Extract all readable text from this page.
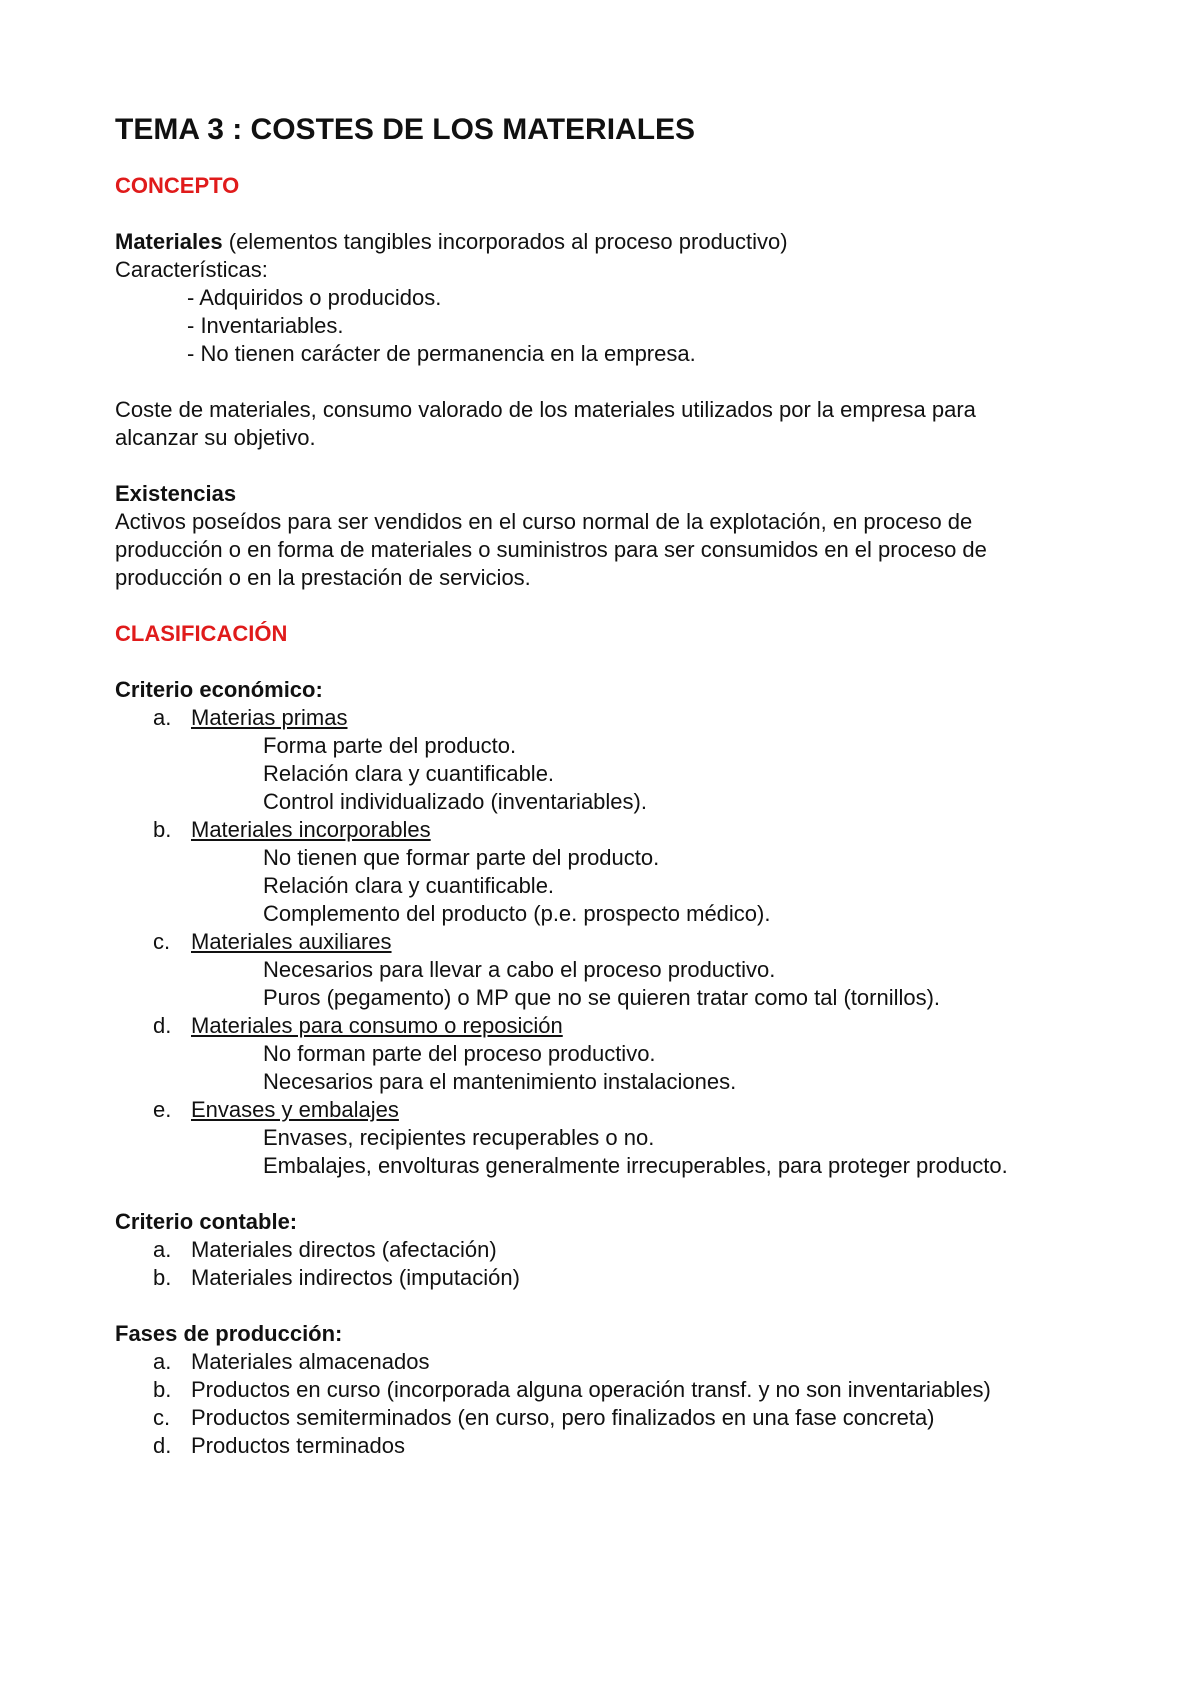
TEMA 3 : COSTES DE LOS MATERIALES
CONCEPTO

Materiales (elementos tangibles incorporados al proceso productivo)

Características:

- Adquiridos o producidos.

- Inventariables.

- No tienen carácter de permanencia en la empresa.

Coste de materiales, consumo valorado de los materiales utilizados por la empresa para

alcanzar su objetivo.

Existencias

Activos poseídos para ser vendidos en el curso normal de la explotación, en proceso de

producción o en forma de materiales o suministros para ser consumidos en el proceso de

producción o en la prestación de servicios.

CLASIFICACIÓN

Criterio económico:

a. Materias primas

Forma parte del producto.

Relación clara y cuantificable.

Control individualizado (inventariables).

b. Materiales incorporables

No tienen que formar parte del producto.

Relación clara y cuantificable.

Complemento del producto (p.e. prospecto médico).

c. Materiales auxiliares

Necesarios para llevar a cabo el proceso productivo.

Puros (pegamento) o MP que no se quieren tratar como tal (tornillos).

d. Materiales para consumo o reposición

No forman parte del proceso productivo.

Necesarios para el mantenimiento instalaciones.

e. Envases y embalajes

Envases, recipientes recuperables o no.

Embalajes, envolturas generalmente irrecuperables, para proteger producto.

Criterio contable:

a. Materiales directos (afectación)
b. Materiales indirectos (imputación)

Fases de producción:

a. Materiales almacenados
b. Productos en curso (incorporada alguna operación transf. y no son inventariables)
c. Productos semiterminados (en curso, pero finalizados en una fase concreta)
d. Productos terminados
